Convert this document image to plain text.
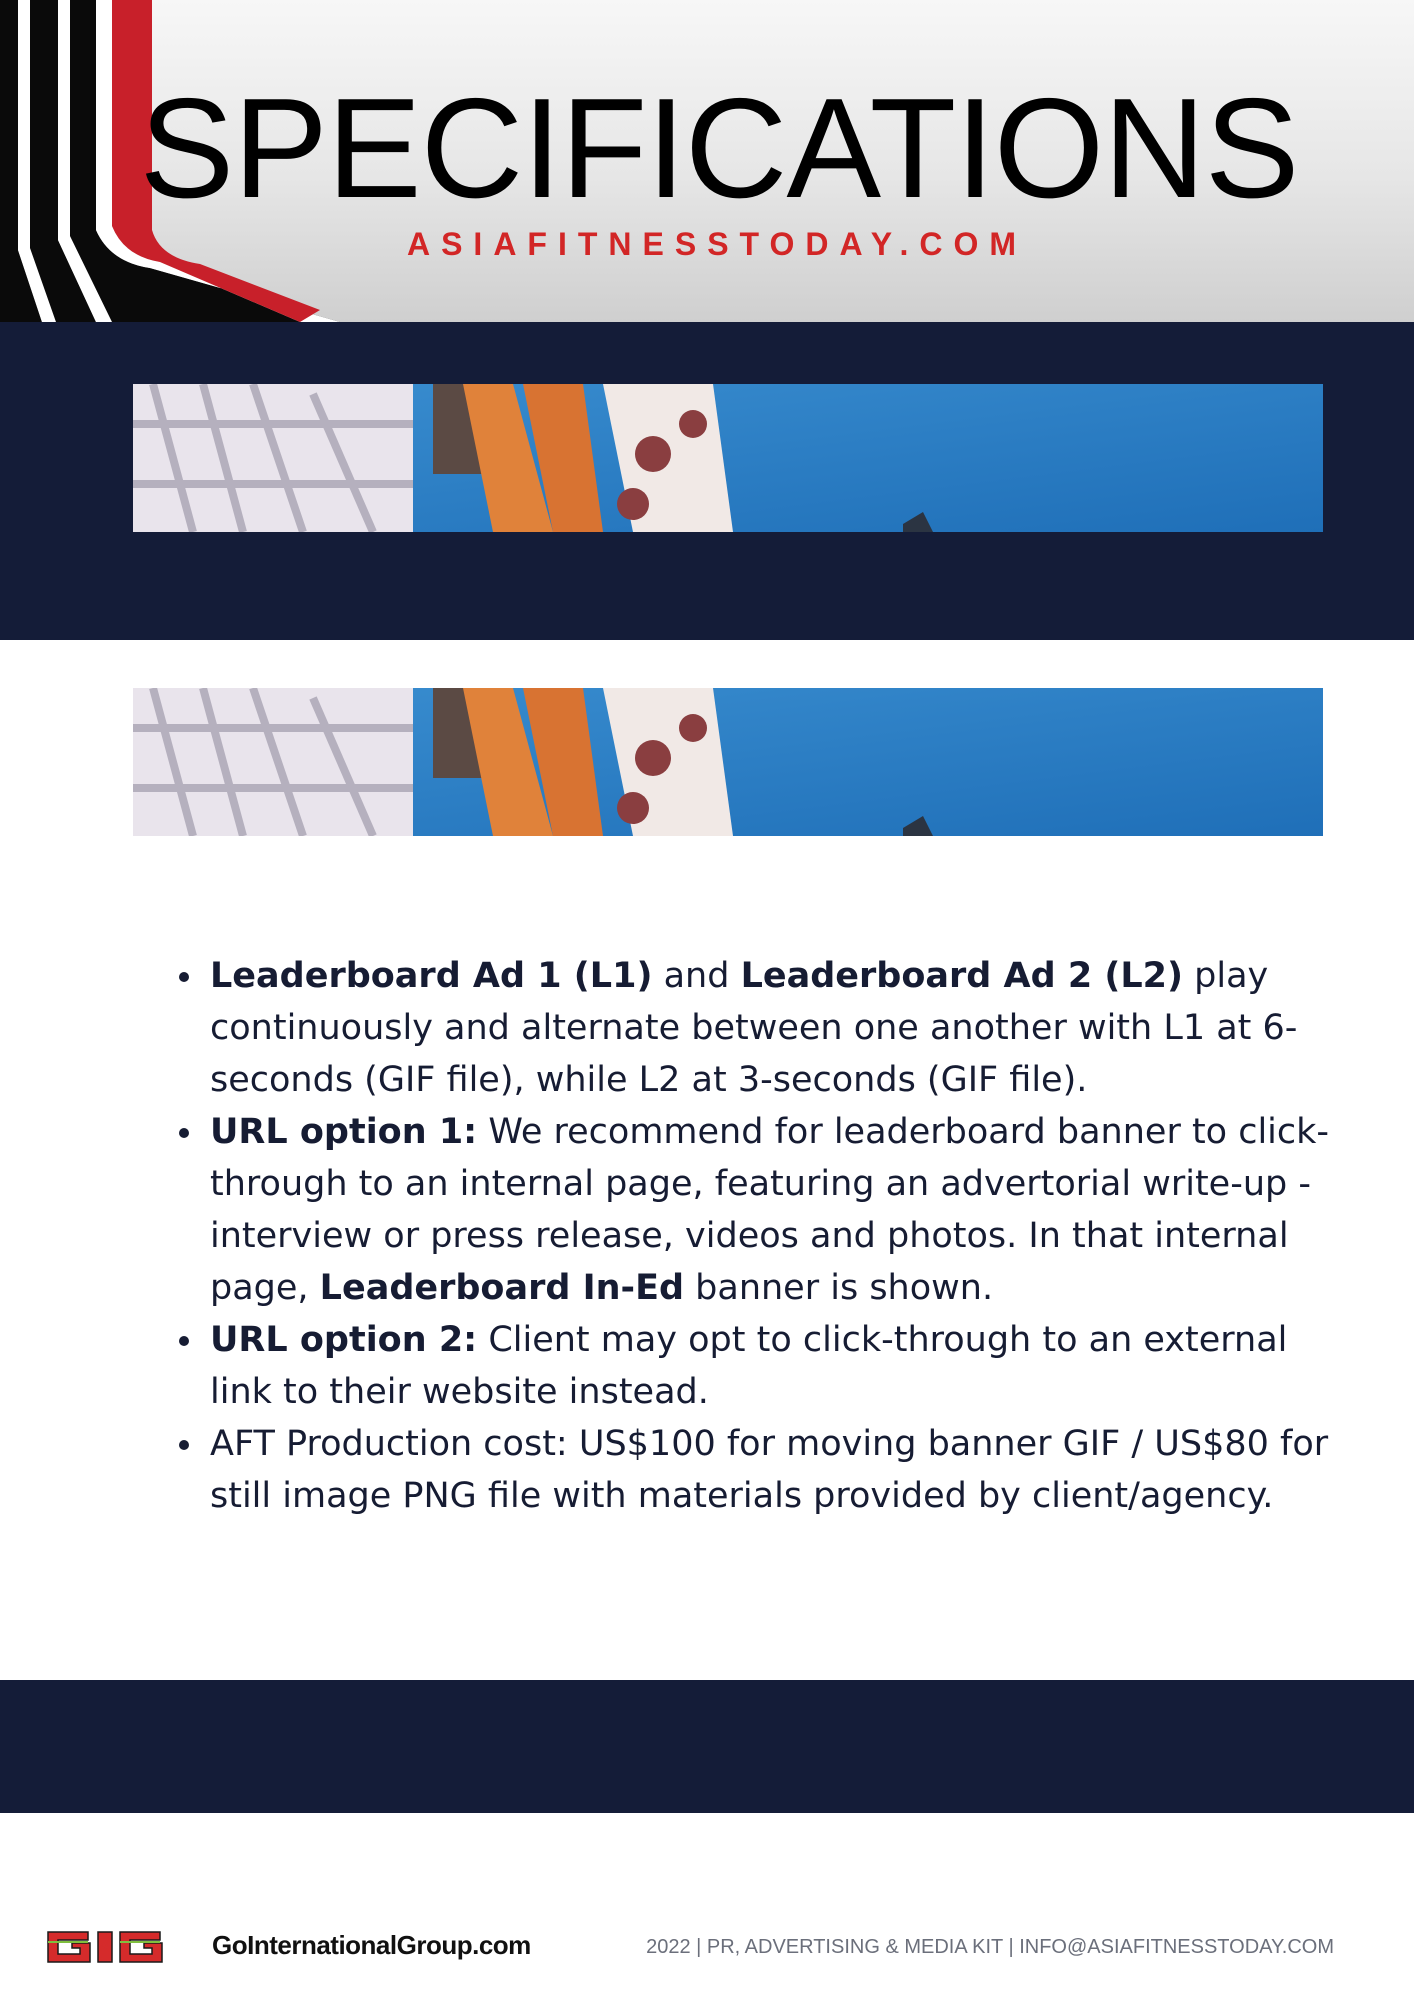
SPECIFICATIONS
ASIAFITNESSTODAY.COM
• Leaderboard Ad 1 (L1) and Leaderboard Ad 2 (L2) play continuously and alternate between one another with L1 at 6-seconds (GIF file), while L2 at 3-seconds (GIF file).
• URL option 1: We recommend for leaderboard banner to click-through to an internal page, featuring an advertorial write-up - interview or press release, videos and photos. In that internal page, Leaderboard In-Ed banner is shown.
• URL option 2: Client may opt to click-through to an external link to their website instead.
• AFT Production cost: US$100 for moving banner GIF / US$80 for still image PNG file with materials provided by client/agency.
GoInternationalGroup.com	2022 | PR, ADVERTISING & MEDIA KIT | INFO@ASIAFITNESSTODAY.COM
